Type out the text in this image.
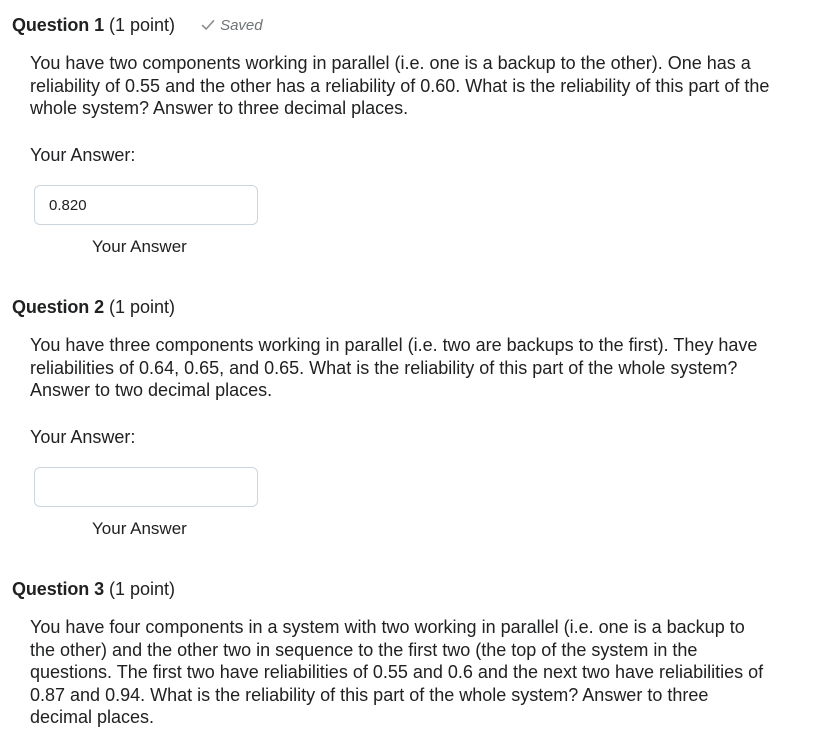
Question 1 (1 point)	Saved
You have two components working in parallel (i.e. one is a backup to the other). One has a reliability of 0.55 and the other has a reliability of 0.60. What is the reliability of this part of the whole system? Answer to three decimal places.
Your Answer:
0.820
Your Answer
Question 2 (1 point)
You have three components working in parallel (i.e. two are backups to the first). They have reliabilities of 0.64, 0.65, and 0.65. What is the reliability of this part of the whole system? Answer to two decimal places.
Your Answer:
Your Answer
Question 3 (1 point)
You have four components in a system with two working in parallel (i.e. one is a backup to the other) and the other two in sequence to the first two (the top of the system in the questions. The first two have reliabilities of 0.55 and 0.6 and the next two have reliabilities of 0.87 and 0.94. What is the reliability of this part of the whole system? Answer to three decimal places.
